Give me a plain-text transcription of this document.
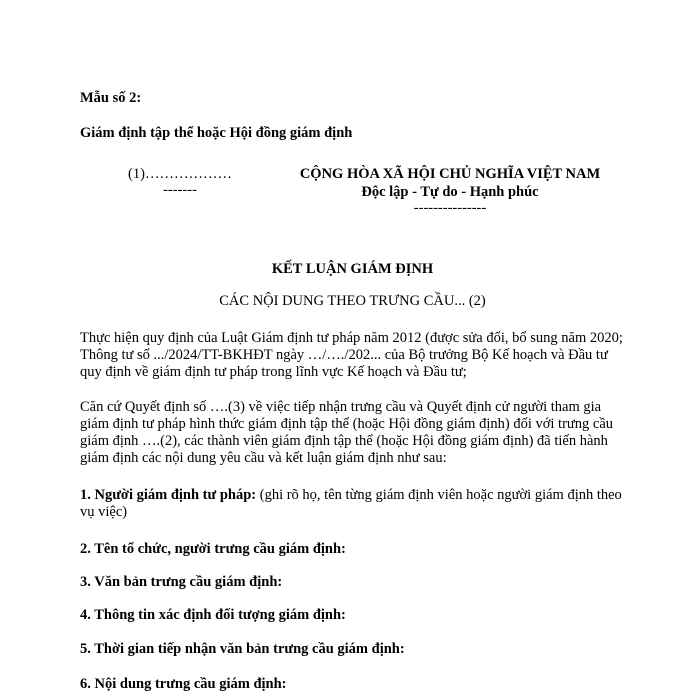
Mẫu số 2:
Giám định tập thể hoặc Hội đồng giám định
(1)………………
-------
CỘNG HÒA XÃ HỘI CHỦ NGHĨA VIỆT NAM
Độc lập - Tự do - Hạnh phúc
---------------
KẾT LUẬN GIÁM ĐỊNH
CÁC NỘI DUNG THEO TRƯNG CẦU... (2)
Thực hiện quy định của Luật Giám định tư pháp năm 2012 (được sửa đổi, bổ sung năm 2020; Thông tư số .../2024/TT-BKHĐT ngày …/…./202... của Bộ trưởng Bộ Kế hoạch và Đầu tư quy định về giám định tư pháp trong lĩnh vực Kế hoạch và Đầu tư;
Căn cứ Quyết định số ….(3) về việc tiếp nhận trưng cầu và Quyết định cử người tham gia giám định tư pháp hình thức giám định tập thể (hoặc Hội đồng giám định) đối với trưng cầu giám định ….(2), các thành viên giám định tập thể (hoặc Hội đồng giám định) đã tiến hành giám định các nội dung yêu cầu và kết luận giám định như sau:
1. Người giám định tư pháp: (ghi rõ họ, tên từng giám định viên hoặc người giám định theo vụ việc)
2. Tên tổ chức, người trưng cầu giám định:
3. Văn bản trưng cầu giám định:
4. Thông tin xác định đối tượng giám định:
5. Thời gian tiếp nhận văn bản trưng cầu giám định:
6. Nội dung trưng cầu giám định:
